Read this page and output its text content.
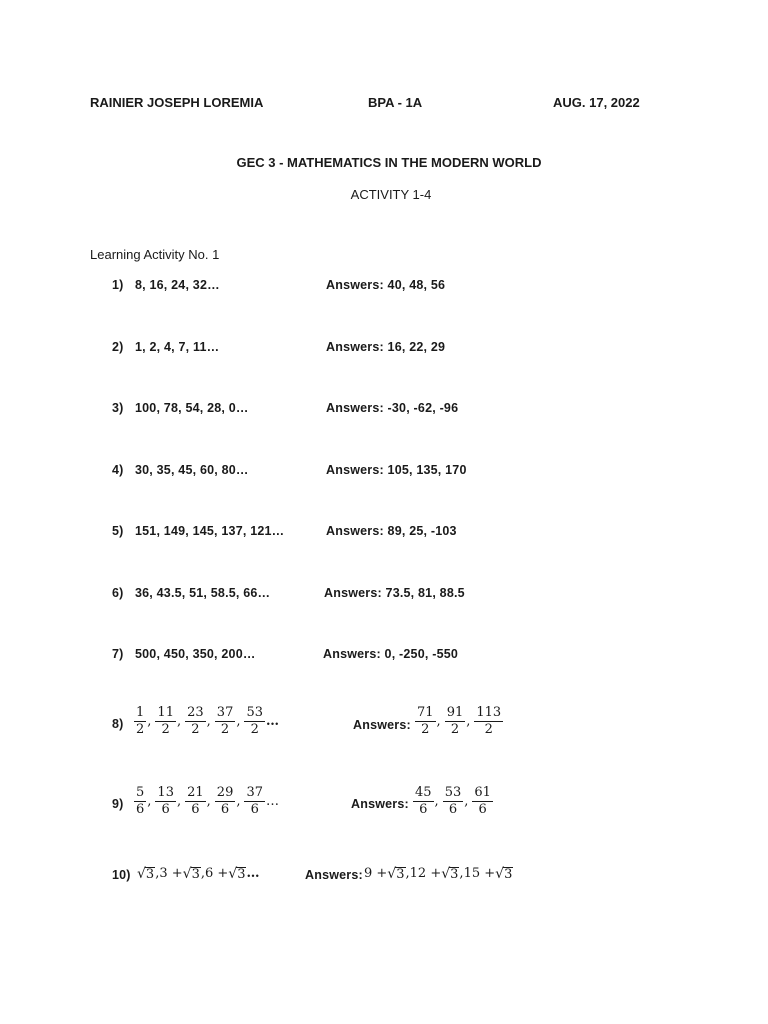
RAINIER JOSEPH LOREMIA	BPA - 1A	AUG. 17, 2022
GEC 3 - MATHEMATICS IN THE MODERN WORLD
ACTIVITY 1-4
Learning Activity No. 1
1) 8, 16, 24, 32…	Answers: 40, 48, 56
2) 1, 2, 4, 7, 11…	Answers: 16, 22, 29
3) 100, 78, 54, 28, 0…	Answers: -30, -62, -96
4) 30, 35, 45, 60, 80…	Answers: 105, 135, 170
5) 151, 149, 145, 137, 121…	Answers: 89, 25, -103
6) 36, 43.5, 51, 58.5, 66…	Answers: 73.5, 81, 88.5
7) 500, 450, 350, 200…	Answers: 0, -250, -550
$8) \frac{1}{2}$ , $\frac{11}{2}$ , $\frac{23}{2}$ , $\frac{37}{2}$ , $\frac{53}{2}$ …	Answers: $\frac{71}{2}$ , $\frac{91}{2}$ , $\frac{113}{2}$
$9) \frac{5}{6}$ , $\frac{13}{6}$ , $\frac{21}{6}$ , $\frac{29}{6}$ , $\frac{37}{6}$ …	Answers: $\frac{45}{6}$ , $\frac{53}{6}$ , $\frac{61}{6}$
10) √ 3 , 3 + √ 3 , 6 + √ 3 …	Answers: 9 + √ 3 , 12 + √ 3 , 15 + √ 3
